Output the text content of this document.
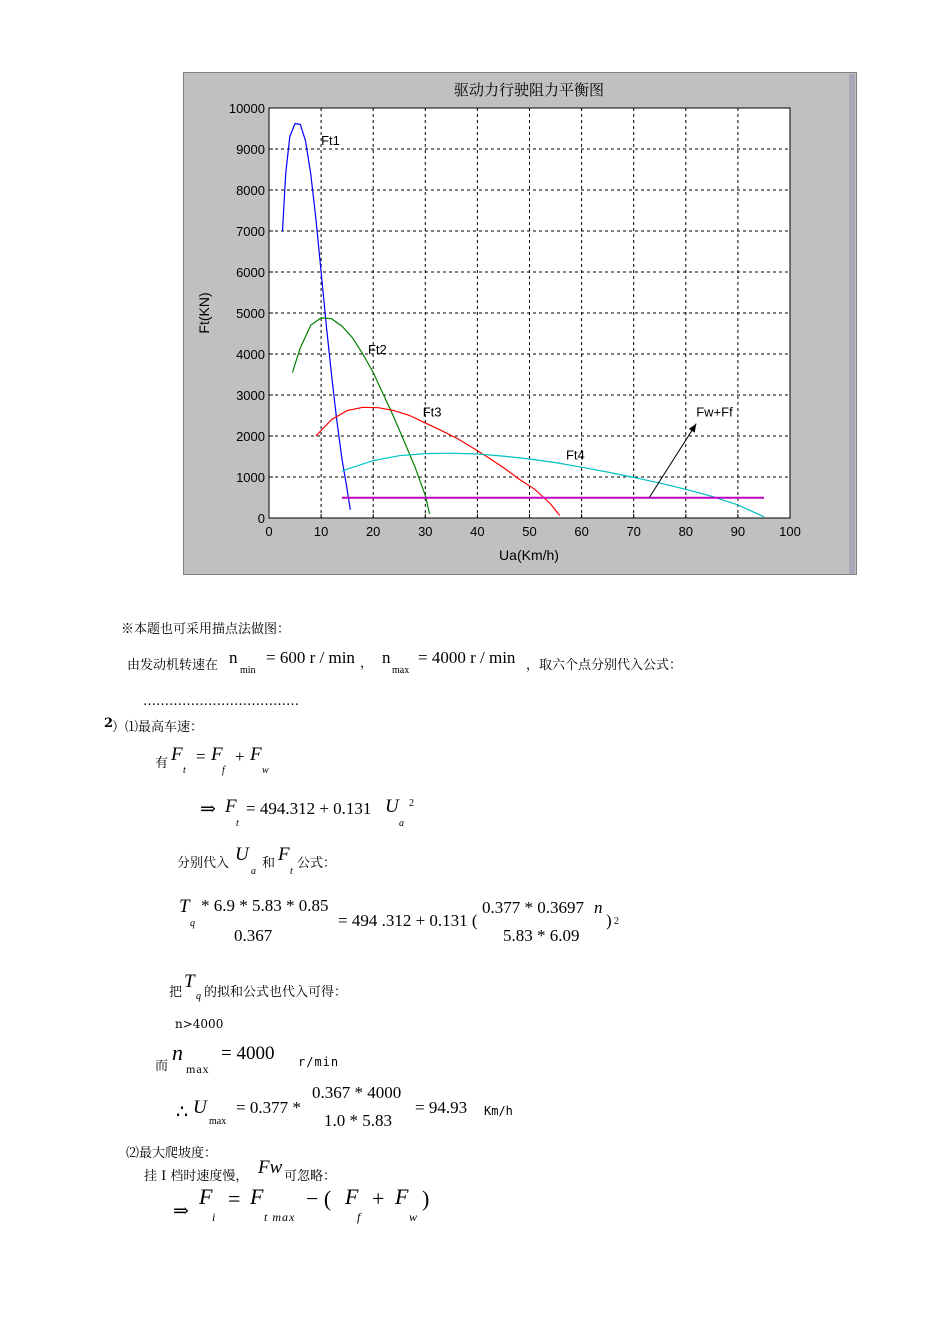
0
1000
2000
3000
4000
5000
6000
7000
8000
9000
10000
0	10	20	30	40	50	60	70	80	90	100
Ft1
Ft2
Ft3
Ft4
Fw+Ff
驱动力行驶阻力平衡图
Ua(Km/h)
Ft(KN)
※本题也可采用描点法做图：
由发动机转速在 n
min
= 600 r / min ， n
max
= 4000 r / min ，取六个点分别代入公式：
………………………………
2
）⑴最高车速：
有 F
t
= F
f
+ F
w
⇒ F
t
= 494.312 + 0.131 U
a
2
分别代入 U
a
和 F
t
公式：
T
q
* 6.9 * 5.83 * 0.85
0.367
= 494 .312 + 0.131 (
0.377 * 0.3697 n
5.83 * 6.09
) 2
把
T
q 的拟和公式也代入可得：
n>4000
而
n
max
= 4000 r/min
∴ U
max
= 0.377 *
0.367 * 4000
1.0 * 5.83
= 94.93 Km/h
⑵最大爬坡度：
挂 I 档时速度慢， Fw 可忽略：
⇒
F
i
= F
t max
− ( F
f
+ F
w
)
